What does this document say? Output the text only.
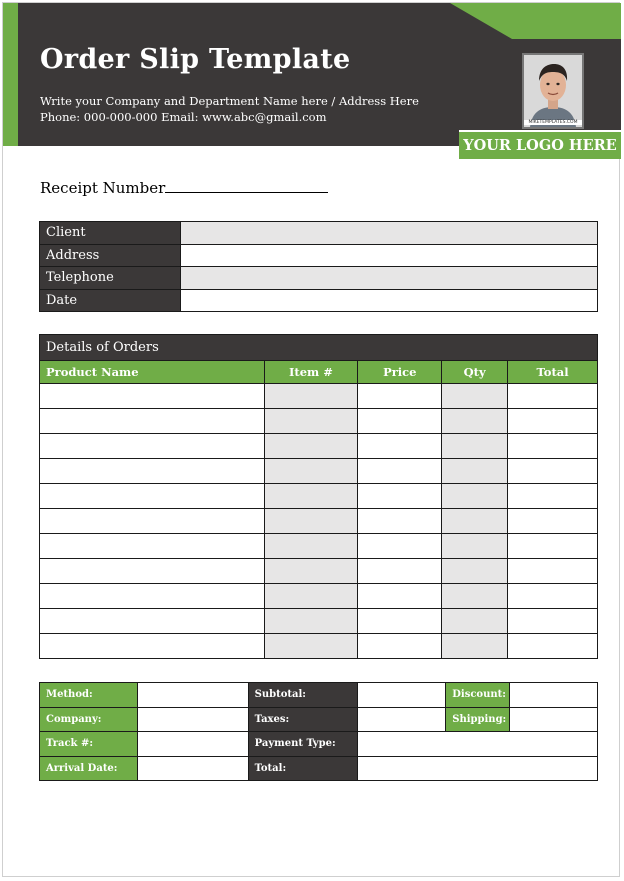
Order Slip Template
Write your Company and Department Name here / Address Here
Phone: 000-000-000 Email: www.abc@gmail.com	MIKETEMPLATES.COM
YOUR LOGO HERE
Receipt Number
Client	
Address	
Telephone	
Date	
Details of Orders				
Product Name	Item #	Price	Qty	Total

Method:		Subtotal:		Discount:	
Company:		Taxes:		Shipping:	
Track #:		Payment Type:			
Arrival Date:		Total:			
